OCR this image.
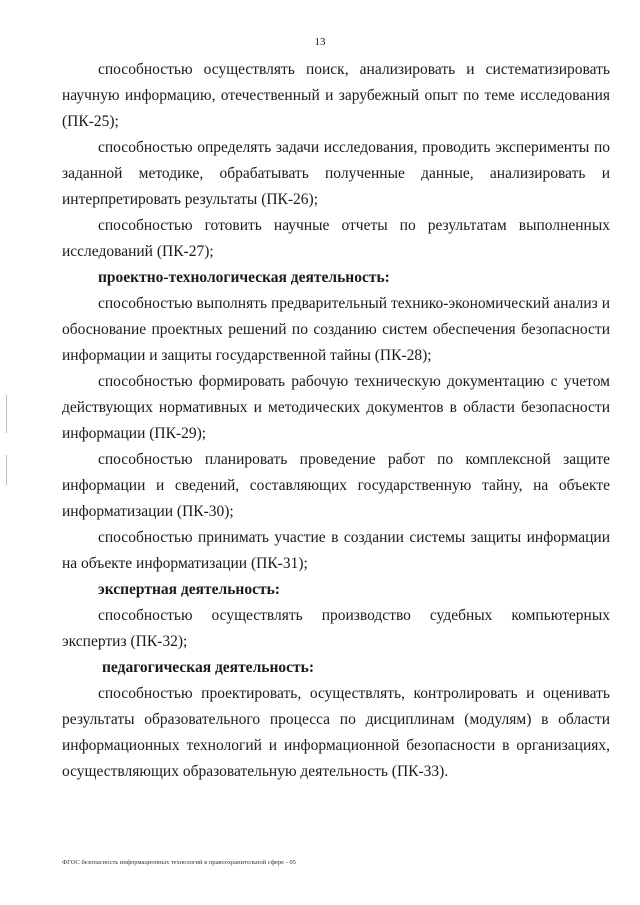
13

способностью осуществлять поиск, анализировать и систематизировать научную информацию, отечественный и зарубежный опыт по теме исследования (ПК-25);

способностью определять задачи исследования, проводить эксперименты по заданной методике, обрабатывать полученные данные, анализировать и интерпретировать результаты (ПК-26);

способностью готовить научные отчеты по результатам выполненных исследований (ПК-27);

проектно-технологическая деятельность:

способностью выполнять предварительный технико-экономический анализ и обоснование проектных решений по созданию систем обеспечения безопасности информации и защиты государственной тайны (ПК-28);

способностью формировать рабочую техническую документацию с учетом действующих нормативных и методических документов в области безопасности информации (ПК-29);

способностью планировать проведение работ по комплексной защите информации и сведений, составляющих государственную тайну, на объекте информатизации (ПК-30);

способностью принимать участие в создании системы защиты информации на объекте информатизации (ПК-31);

экспертная деятельность:

способностью осуществлять производство судебных компьютерных экспертиз (ПК-32);

педагогическая деятельность:

способностью проектировать, осуществлять, контролировать и оценивать результаты образовательного процесса по дисциплинам (модулям) в области информационных технологий и информационной безопасности в организациях, осуществляющих образовательную деятельность (ПК-33).

ФГОС безопасность информационных технологий в правоохранительной сфере - 05
